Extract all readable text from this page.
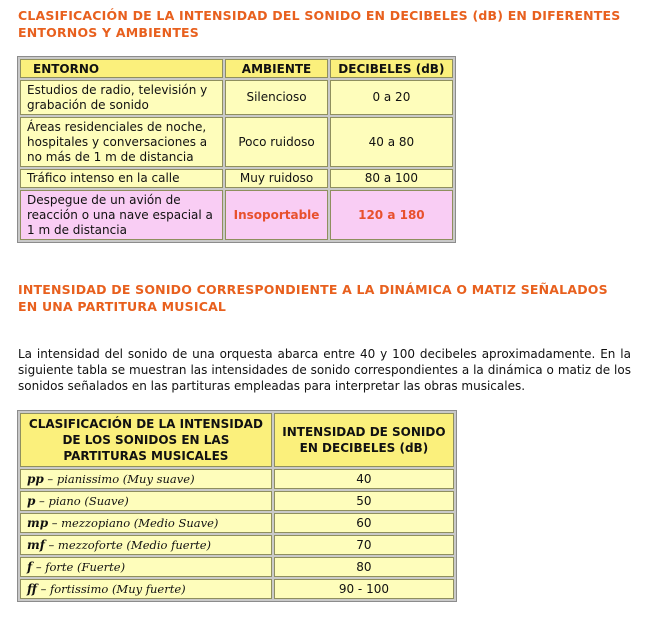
CLASIFICACIÓN DE LA INTENSIDAD DEL SONIDO EN DECIBELES (dB) EN DIFERENTES ENTORNOS Y AMBIENTES
ENTORNO	AMBIENTE	DECIBELES (dB)
Estudios de radio, televisión y grabación de sonido	Silencioso	0 a 20
Áreas residenciales de noche, hospitales y conversaciones a no más de 1 m de distancia	Poco ruidoso	40 a 80
Tráfico intenso en la calle	Muy ruidoso	80 a 100
Despegue de un avión de reacción o una nave espacial a 1 m de distancia	Insoportable	120 a 180
INTENSIDAD DE SONIDO CORRESPONDIENTE A LA DINÁMICA O MATIZ SEÑALADOS EN UNA PARTITURA MUSICAL
La intensidad del sonido de una orquesta abarca entre 40 y 100 decibeles aproximadamente. En la siguiente tabla se muestran las intensidades de sonido correspondientes a la dinámica o matiz de los sonidos señalados en las partituras empleadas para interpretar las obras musicales.
CLASIFICACIÓN DE LA INTENSIDAD DE LOS SONIDOS EN LAS PARTITURAS MUSICALES	INTENSIDAD DE SONIDO EN DECIBELES (dB)
pp – pianissimo (Muy suave)	40
p – piano (Suave)	50
mp – mezzopiano (Medio Suave)	60
mf – mezzoforte (Medio fuerte)	70
f – forte (Fuerte)	80
ff – fortissimo (Muy fuerte)	90 - 100
